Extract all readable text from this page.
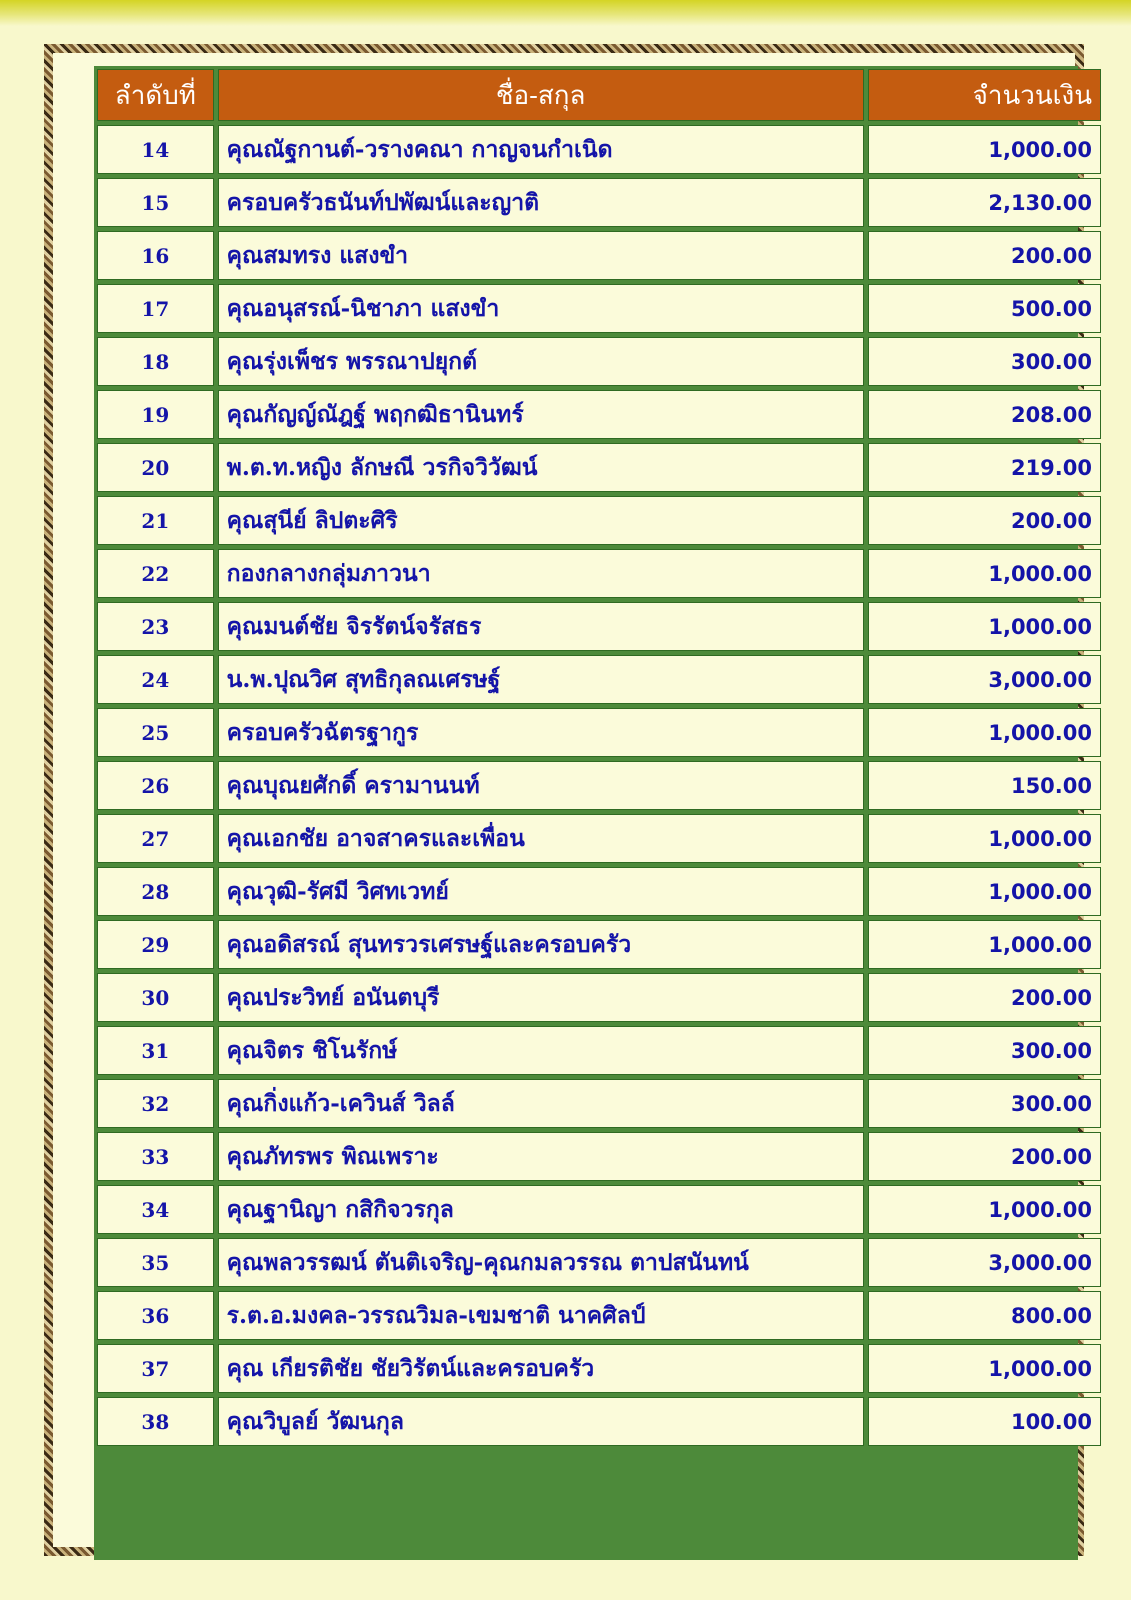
ลำดับที่	ชื่อ-สกุล	จำนวนเงิน
14	คุณณัฐกานต์-วรางคณา กาญจนกำเนิด	1,000.00
15	ครอบครัวธนันท์ปพัฒน์และญาติ	2,130.00
16	คุณสมทรง แสงขำ	200.00
17	คุณอนุสรณ์-นิชาภา แสงขำ	500.00
18	คุณรุ่งเพ็ชร พรรณาปยุกต์	300.00
19	คุณกัญญ์ณัฎฐ์ พฤกฒิธานินทร์	208.00
20	พ.ต.ท.หญิง ลักษณี วรกิจวิวัฒน์	219.00
21	คุณสุนีย์ ลิปตะศิริ	200.00
22	กองกลางกลุ่มภาวนา	1,000.00
23	คุณมนต์ชัย จิรรัตน์จรัสธร	1,000.00
24	น.พ.ปุณวิศ สุทธิกุลณเศรษฐ์	3,000.00
25	ครอบครัวฉัตรฐากูร	1,000.00
26	คุณบุณยศักดิ์ ครามานนท์	150.00
27	คุณเอกชัย อาจสาครและเพื่อน	1,000.00
28	คุณวุฒิ-รัศมี วิศทเวทย์	1,000.00
29	คุณอดิสรณ์ สุนทรวรเศรษฐ์และครอบครัว	1,000.00
30	คุณประวิทย์ อนันตบุรี	200.00
31	คุณจิตร ชิโนรักษ์	300.00
32	คุณกิ่งแก้ว-เควินส์ วิลล์	300.00
33	คุณภัทรพร พิณเพราะ	200.00
34	คุณฐานิญา กสิกิจวรกุล	1,000.00
35	คุณพลวรรฒน์ ตันติเจริญ-คุณกมลวรรณ ตาปสนันทน์	3,000.00
36	ร.ต.อ.มงคล-วรรณวิมล-เขมชาติ นาคศิลป์	800.00
37	คุณ เกียรติชัย ชัยวิรัตน์และครอบครัว	1,000.00
38	คุณวิบูลย์ วัฒนกุล	100.00
